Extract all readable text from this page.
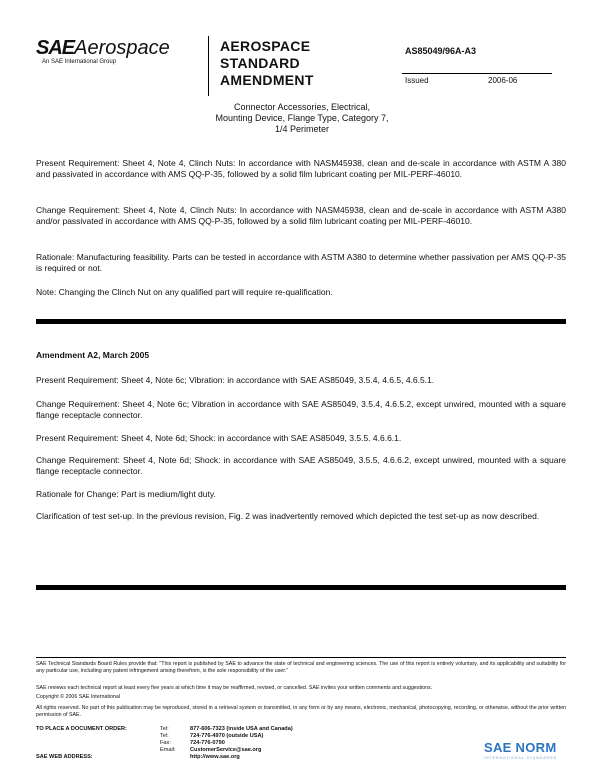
SAEAerospace
An SAE International Group
AEROSPACE
STANDARD
AMENDMENT
AS85049/96A-A3
Issued	2006-06
Connector Accessories, Electrical,
Mounting Device, Flange Type, Category 7,
1/4 Perimeter

Present Requirement: Sheet 4, Note 4, Clinch Nuts: In accordance with NASM45938, clean and de-scale in accordance with ASTM A 380 and passivated in accordance with AMS QQ-P-35, followed by a solid film lubricant coating per MIL-PERF-46010.

Change Requirement: Sheet 4, Note 4, Clinch Nuts: In accordance with NASM45938, clean and de-scale in accordance with ASTM A380 and/or passivated in accordance with AMS QQ-P-35, followed by a solid film lubricant coating per MIL-PERF-46010.

Rationale: Manufacturing feasibility. Parts can be tested in accordance with ASTM A380 to determine whether passivation per AMS QQ-P-35 is required or not.

Note: Changing the Clinch Nut on any qualified part will require re-qualification.

Amendment A2, March 2005

Present Requirement: Sheet 4, Note 6c; Vibration: in accordance with SAE AS85049, 3.5.4, 4.6.5, 4.6.5.1.

Change Requirement: Sheet 4, Note 6c; Vibration in accordance with SAE AS85049, 3.5.4, 4.6.5.2, except unwired, mounted with a square flange receptacle connector.

Present Requirement: Sheet 4, Note 6d; Shock: in accordance with SAE AS85049, 3.5.5. 4.6.6.1.

Change Requirement: Sheet 4, Note 6d; Shock: in accordance with SAE AS85049, 3.5.5, 4.6.6.2, except unwired, mounted with a square flange receptacle connector.

Rationale for Change: Part is medium/light duty.

Clarification of test set-up. In the previous revision, Fig. 2 was inadvertently removed which depicted the test set-up as now described.

SAE Technical Standards Board Rules provide that: "This report is published by SAE to advance the state of technical and engineering sciences. The use of this report is entirely voluntary, and its applicability and suitability for any particular use, including any patent infringement arising therefrom, is the sole responsibility of the user."

SAE reviews each technical report at least every five years at which time it may be reaffirmed, revised, or cancelled. SAE invites your written comments and suggestions.

Copyright © 2006 SAE International

All rights reserved. No part of this publication may be reproduced, stored in a retrieval system or transmitted, in any form or by any means, electronic, mechanical, photocopying, recording, or otherwise, without the prior written permission of SAE.

TO PLACE A DOCUMENT ORDER:	Tel:	877-606-7323 (inside USA and Canada)
	Tel:	724-776-4970 (outside USA)
	Fax:	724-776-0790
	Email:	CustomerService@sae.org
SAE WEB ADDRESS:		http://www.sae.org
SAE NORM
INTERNATIONAL STANDARDS
